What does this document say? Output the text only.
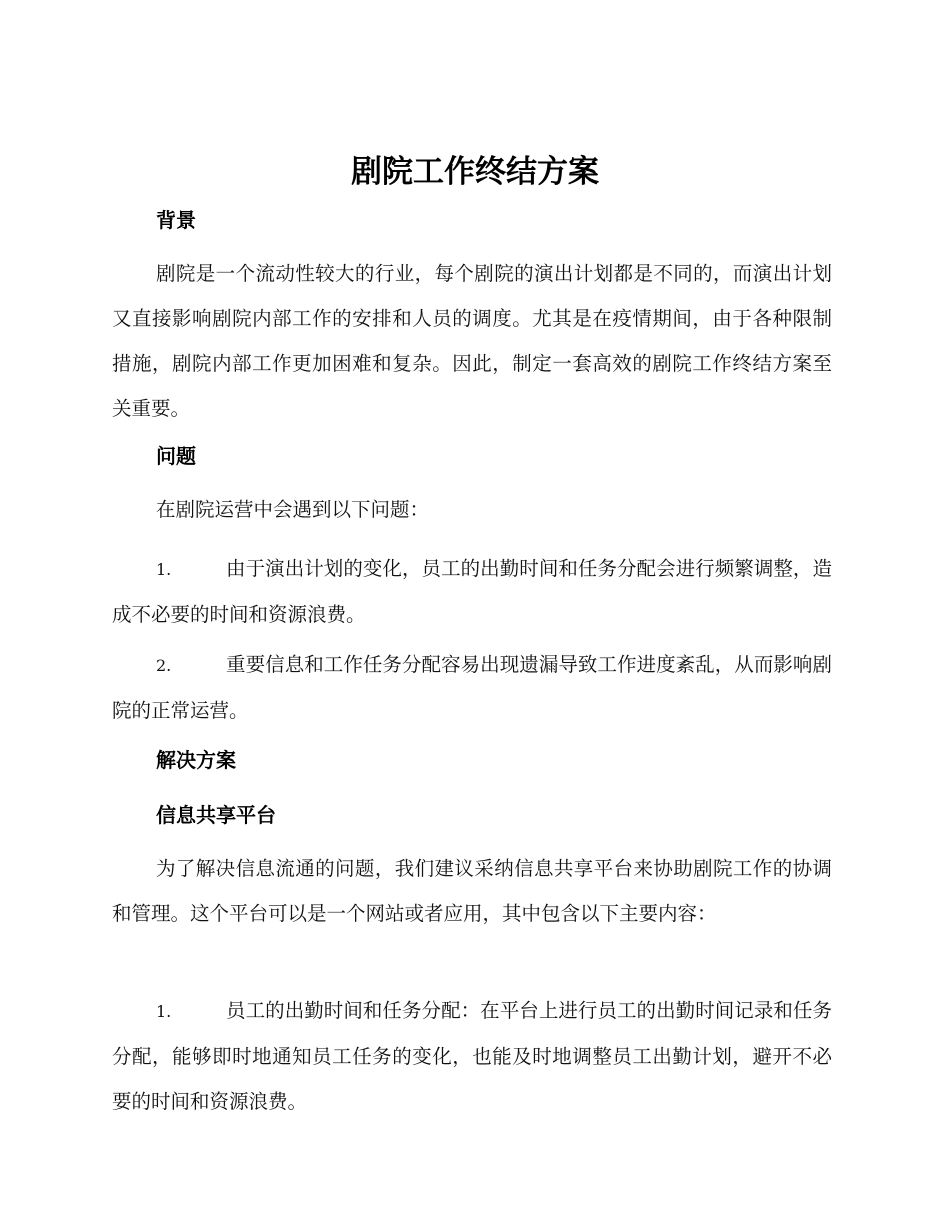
剧院工作终结方案
背景

剧院是一个流动性较大的行业，每个剧院的演出计划都是不同的，而演出计划又直接影响剧院内部工作的安排和人员的调度。尤其是在疫情期间，由于各种限制措施，剧院内部工作更加困难和复杂。因此，制定一套高效的剧院工作终结方案至关重要。

问题

在剧院运营中会遇到以下问题：

1.	由于演出计划的变化，员工的出勤时间和任务分配会进行频繁调整，造成不必要的时间和资源浪费。

2.	重要信息和工作任务分配容易出现遗漏导致工作进度紊乱，从而影响剧院的正常运营。

解决方案
信息共享平台

为了解决信息流通的问题，我们建议采纳信息共享平台来协助剧院工作的协调和管理。这个平台可以是一个网站或者应用，其中包含以下主要内容：

1.	员工的出勤时间和任务分配：在平台上进行员工的出勤时间记录和任务分配，能够即时地通知员工任务的变化，也能及时地调整员工出勤计划，避开不必要的时间和资源浪费。
